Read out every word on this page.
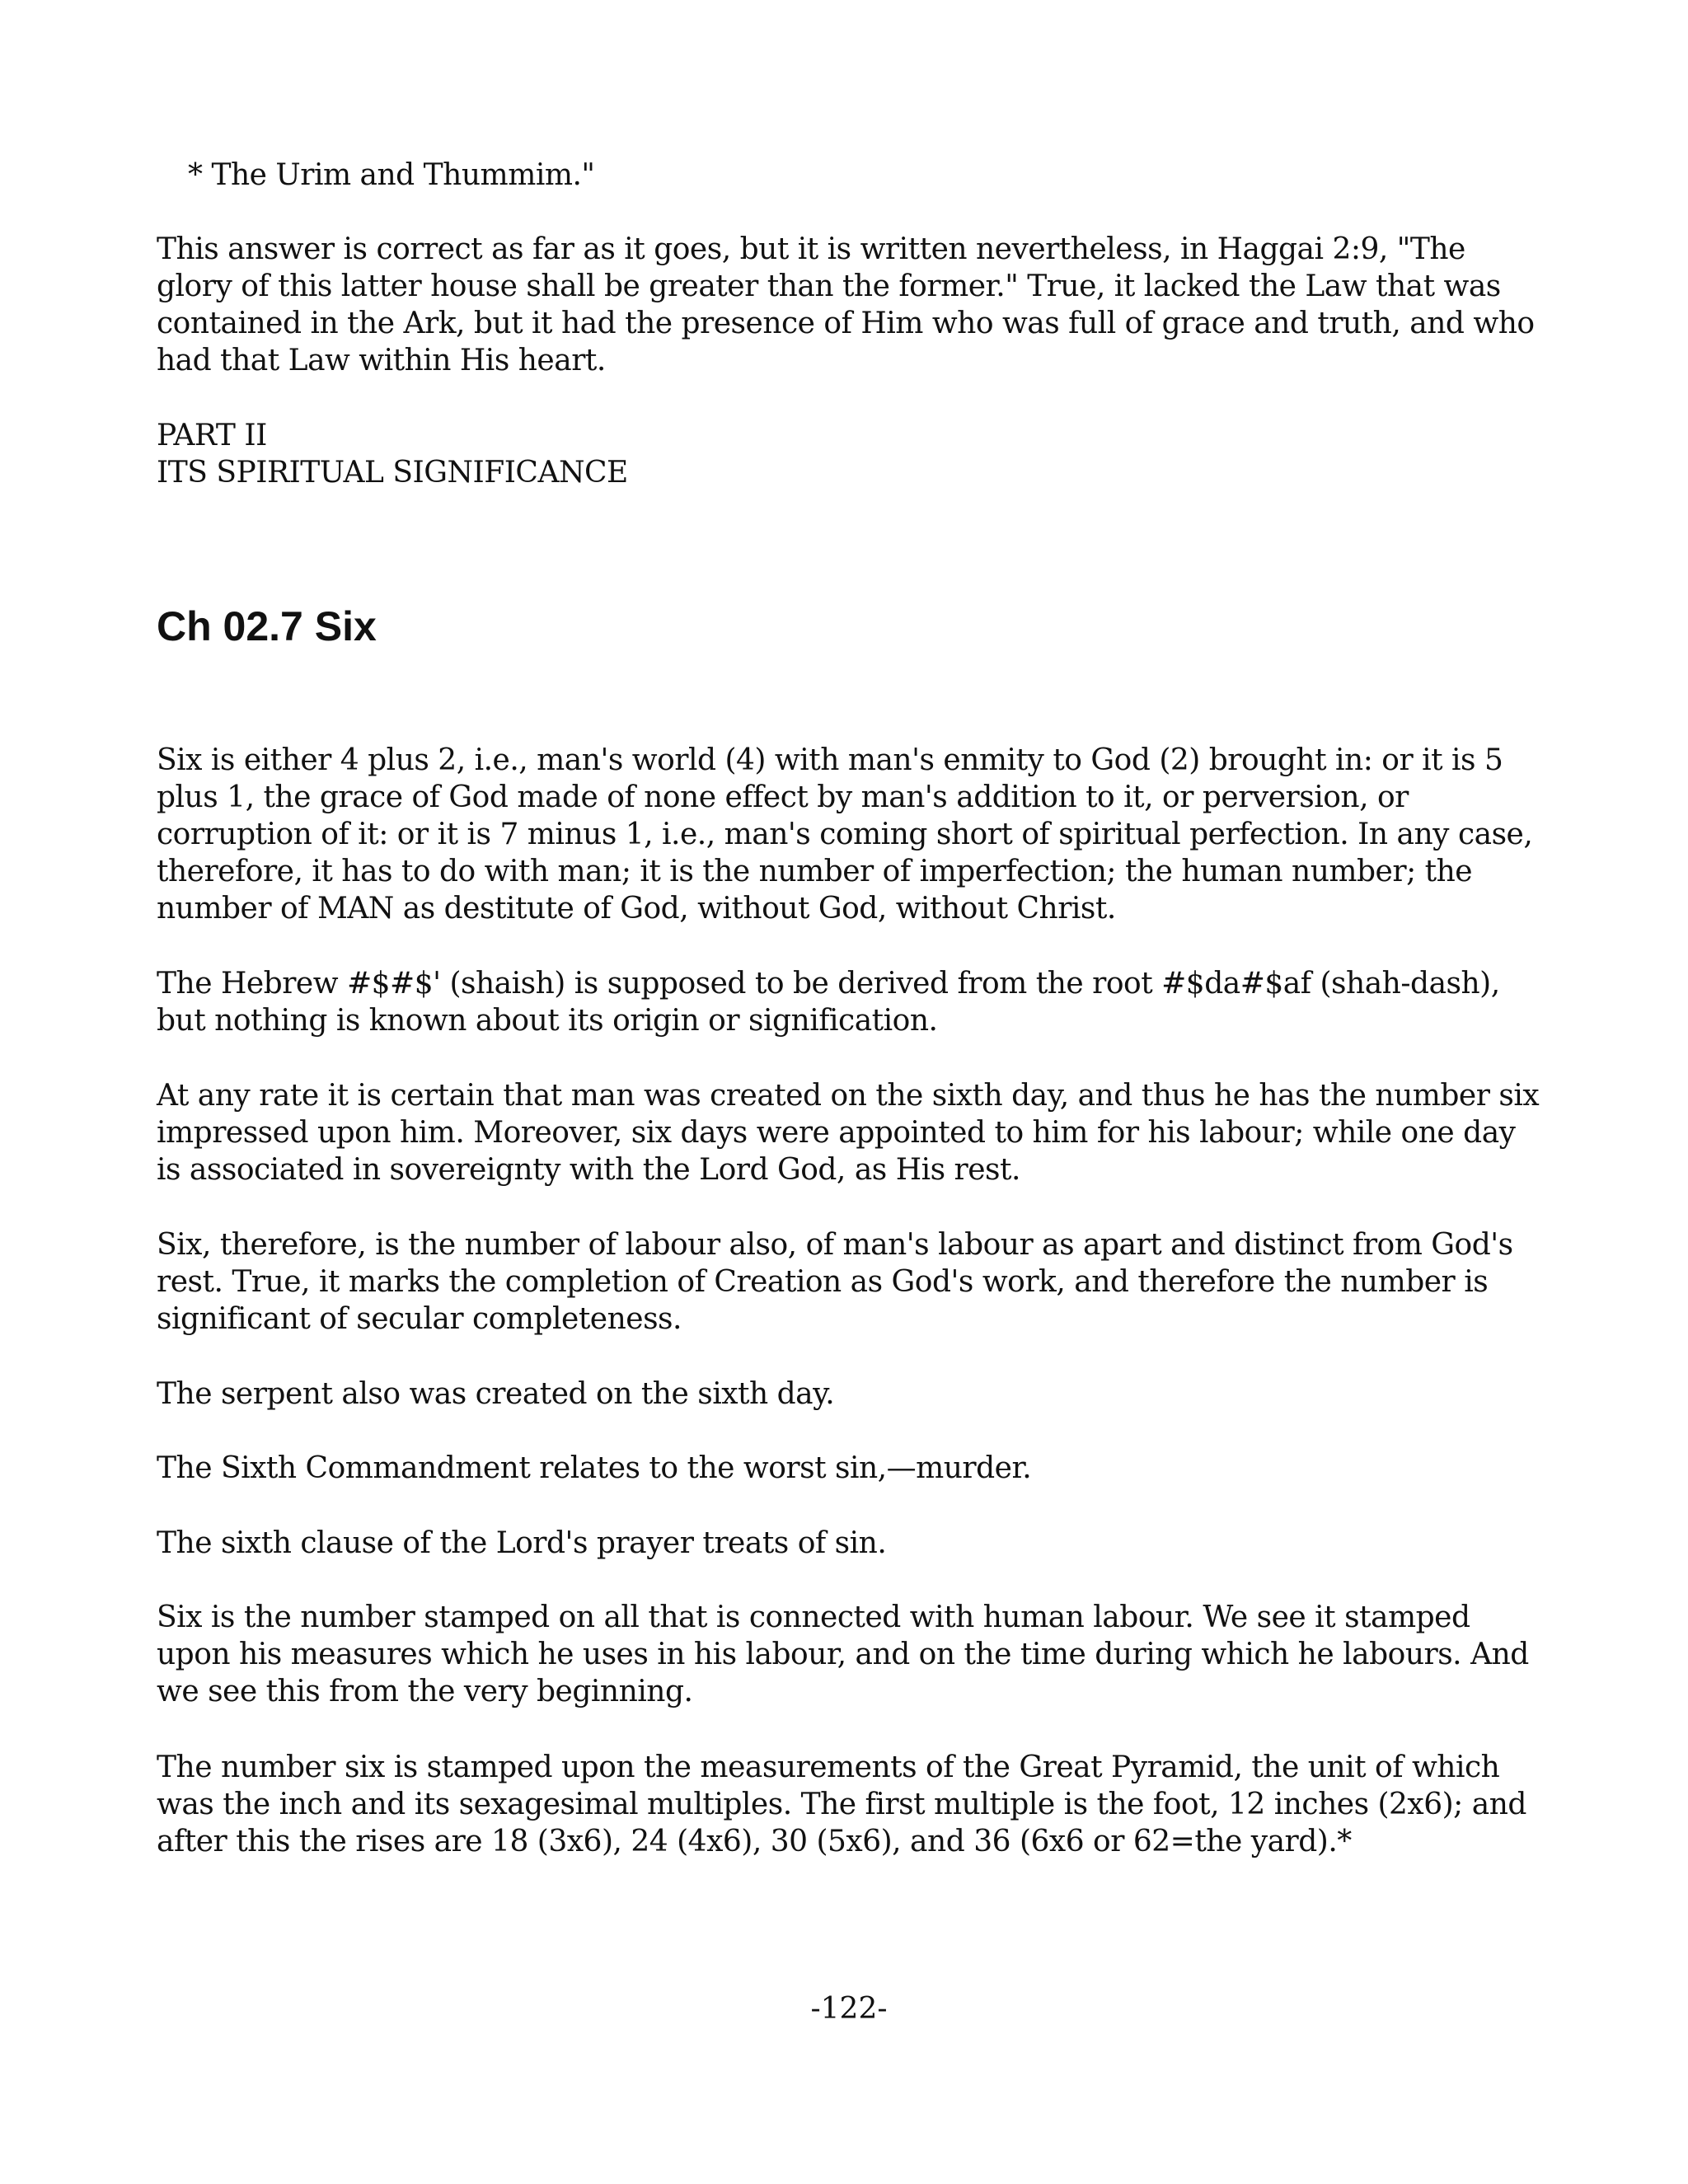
* The Urim and Thummim."

This answer is correct as far as it goes, but it is written nevertheless, in Haggai 2:9, "The glory of this latter house shall be greater than the former." True, it lacked the Law that was contained in the Ark, but it had the presence of Him who was full of grace and truth, and who had that Law within His heart.

PART II
ITS SPIRITUAL SIGNIFICANCE
Ch 02.7 Six

Six is either 4 plus 2, i.e., man's world (4) with man's enmity to God (2) brought in: or it is 5 plus 1, the grace of God made of none effect by man's addition to it, or perversion, or corruption of it: or it is 7 minus 1, i.e., man's coming short of spiritual perfection. In any case, therefore, it has to do with man; it is the number of imperfection; the human number; the number of MAN as destitute of God, without God, without Christ.

The Hebrew #$#$' (shaish) is supposed to be derived from the root #$da#$af (shah-dash), but nothing is known about its origin or signification.

At any rate it is certain that man was created on the sixth day, and thus he has the number six impressed upon him. Moreover, six days were appointed to him for his labour; while one day is associated in sovereignty with the Lord God, as His rest.

Six, therefore, is the number of labour also, of man's labour as apart and distinct from God's rest. True, it marks the completion of Creation as God's work, and therefore the number is significant of secular completeness.

The serpent also was created on the sixth day.

The Sixth Commandment relates to the worst sin,—murder.

The sixth clause of the Lord's prayer treats of sin.

Six is the number stamped on all that is connected with human labour. We see it stamped upon his measures which he uses in his labour, and on the time during which he labours. And we see this from the very beginning.

The number six is stamped upon the measurements of the Great Pyramid, the unit of which was the inch and its sexagesimal multiples. The first multiple is the foot, 12 inches (2x6); and after this the rises are 18 (3x6), 24 (4x6), 30 (5x6), and 36 (6x6 or 62=the yard).*

-122-
